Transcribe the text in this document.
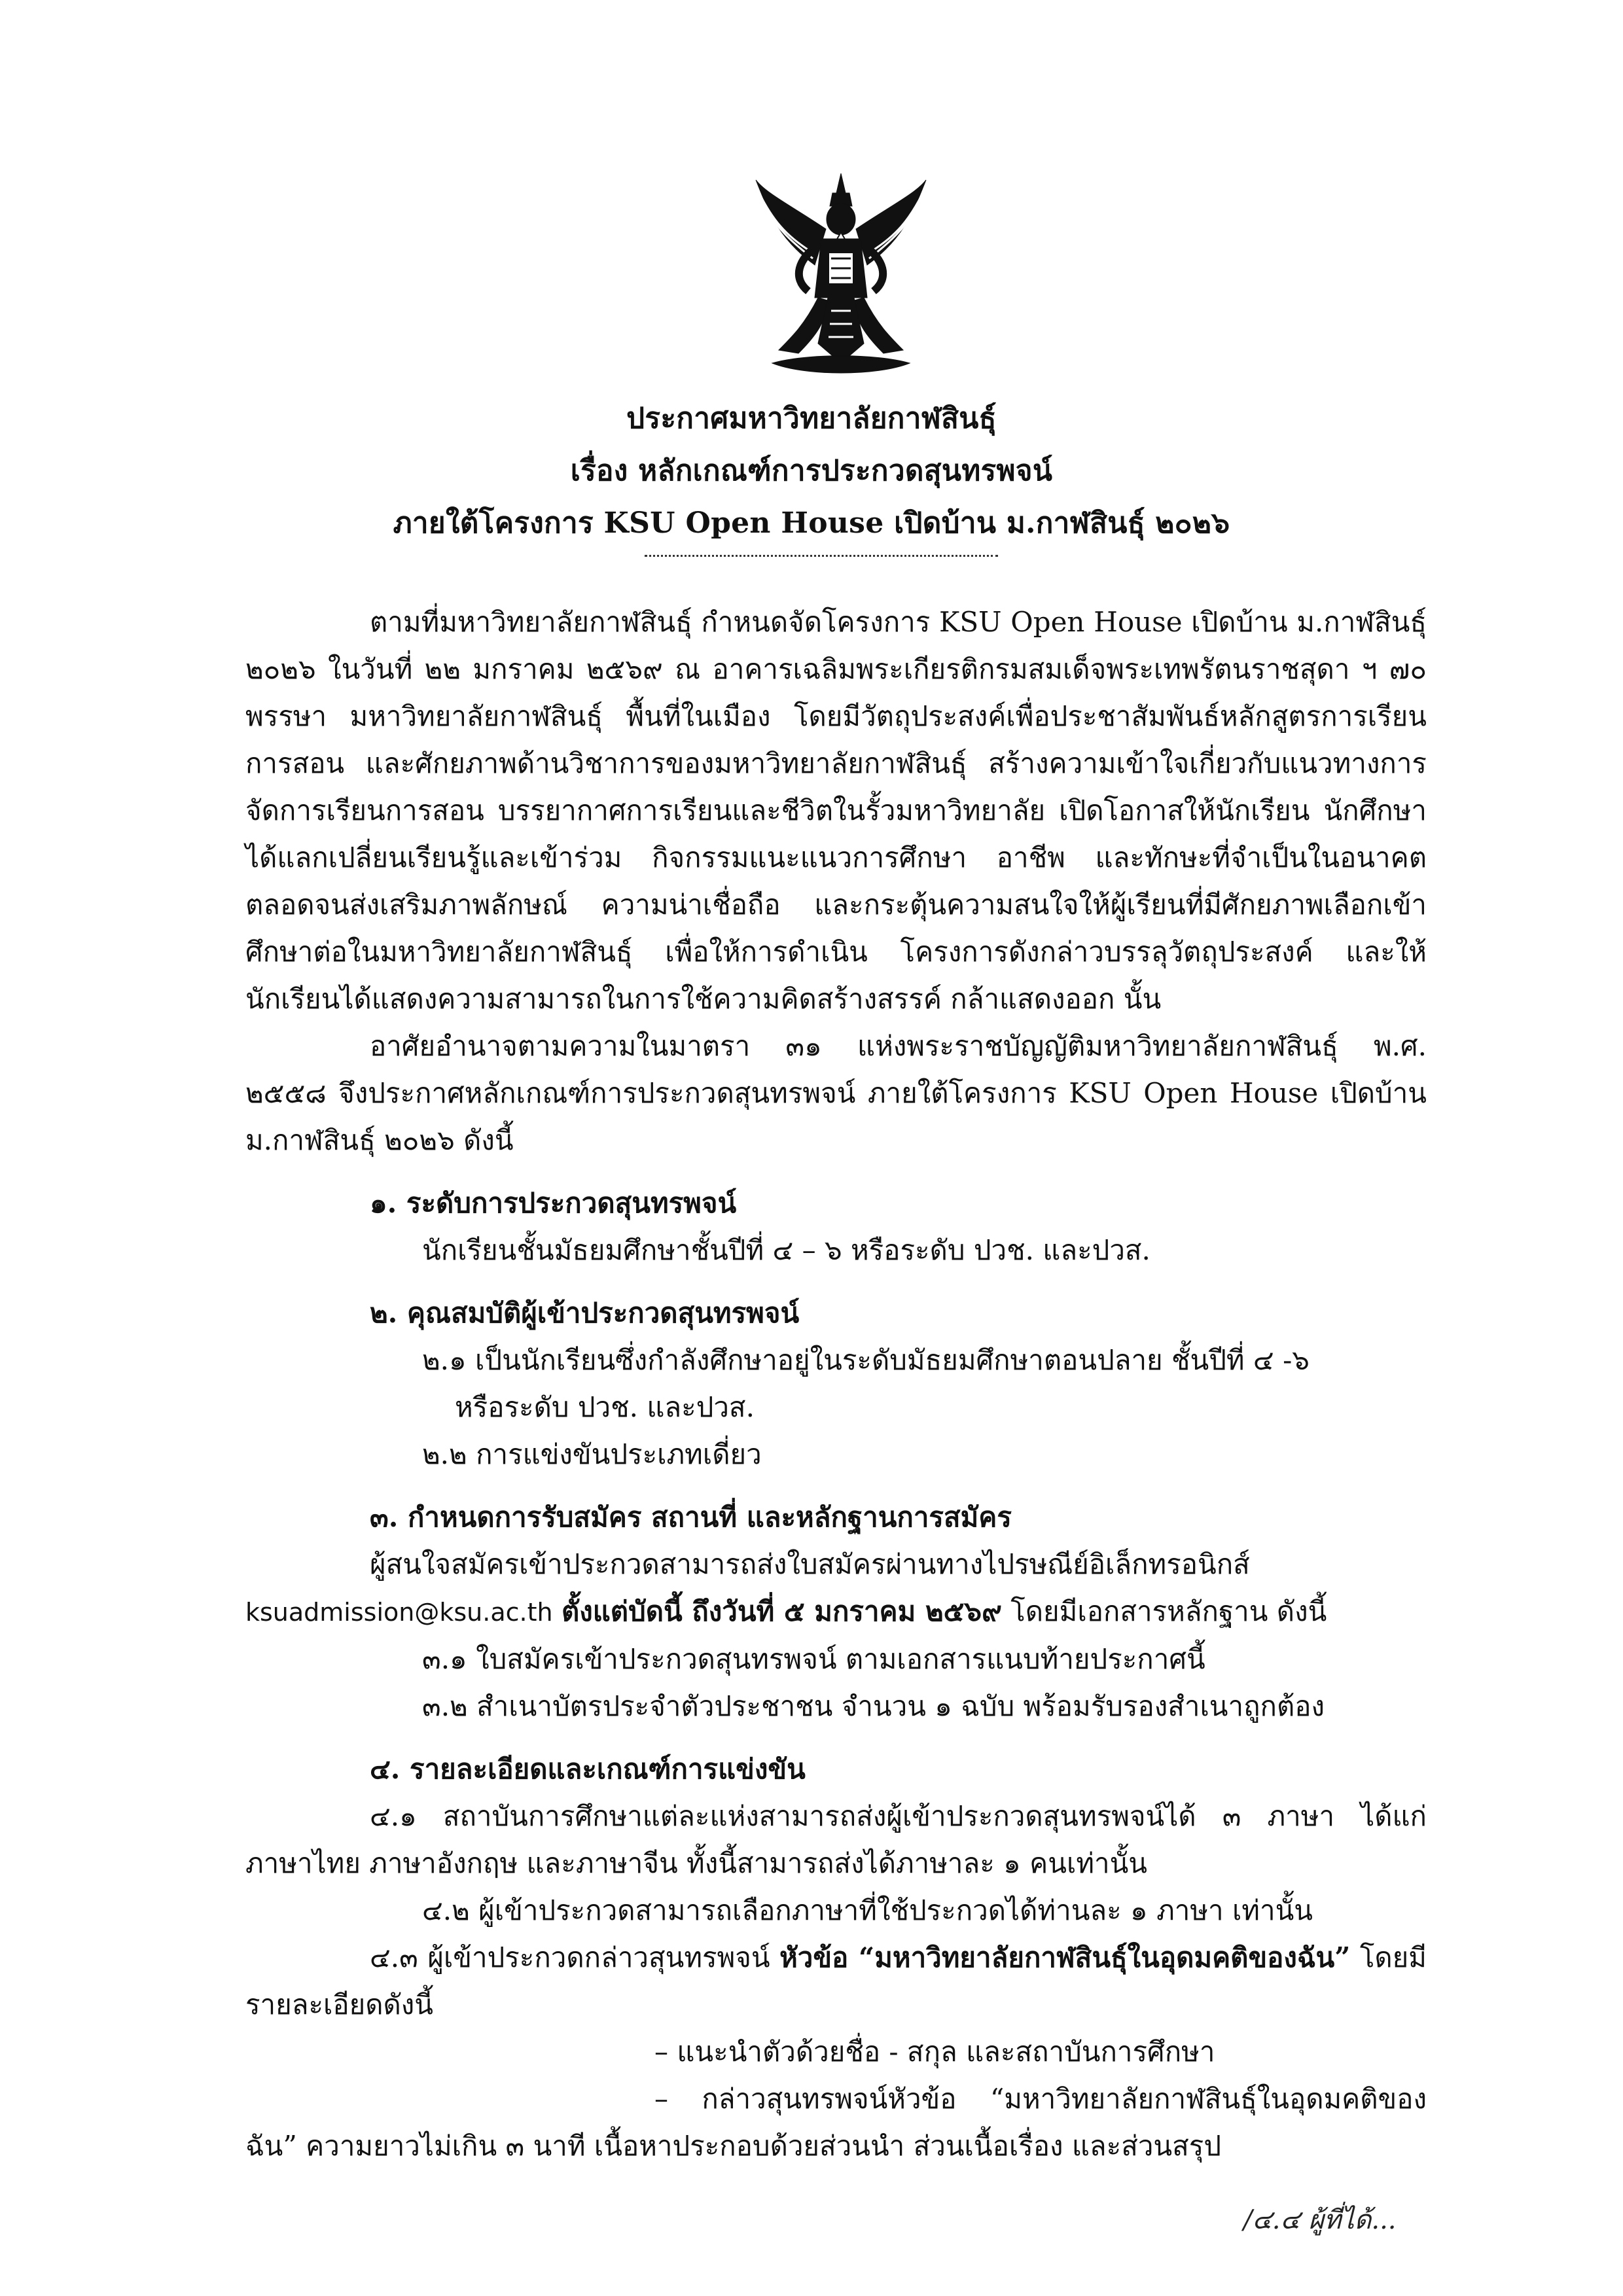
ประกาศมหาวิทยาลัยกาฬสินธุ์
เรื่อง หลักเกณฑ์การประกวดสุนทรพจน์
ภายใต้โครงการ KSU Open House เปิดบ้าน ม.กาฬสินธุ์ ๒๐๒๖

ตามที่มหาวิทยาลัยกาฬสินธุ์ กำหนดจัดโครงการ KSU Open House เปิดบ้าน ม.กาฬสินธุ์ ๒๐๒๖ ในวันที่ ๒๒ มกราคม ๒๕๖๙ ณ อาคารเฉลิมพระเกียรติกรมสมเด็จพระเทพรัตนราชสุดา ฯ ๗๐ พรรษา มหาวิทยาลัยกาฬสินธุ์ พื้นที่ในเมือง โดยมีวัตถุประสงค์เพื่อประชาสัมพันธ์หลักสูตรการเรียนการสอน และศักยภาพด้านวิชาการของมหาวิทยาลัยกาฬสินธุ์ สร้างความเข้าใจเกี่ยวกับแนวทางการจัดการเรียนการสอน บรรยากาศการเรียนและชีวิตในรั้วมหาวิทยาลัย เปิดโอกาสให้นักเรียน นักศึกษาได้แลกเปลี่ยนเรียนรู้และเข้าร่วม กิจกรรมแนะแนวการศึกษา อาชีพ และทักษะที่จำเป็นในอนาคต ตลอดจนส่งเสริมภาพลักษณ์ ความน่าเชื่อถือ และกระตุ้นความสนใจให้ผู้เรียนที่มีศักยภาพเลือกเข้าศึกษาต่อในมหาวิทยาลัยกาฬสินธุ์ เพื่อให้การดำเนิน โครงการดังกล่าวบรรลุวัตถุประสงค์ และให้นักเรียนได้แสดงความสามารถในการใช้ความคิดสร้างสรรค์ กล้าแสดงออก นั้น

อาศัยอำนาจตามความในมาตรา ๓๑ แห่งพระราชบัญญัติมหาวิทยาลัยกาฬสินธุ์ พ.ศ. ๒๕๕๘ จึงประกาศหลักเกณฑ์การประกวดสุนทรพจน์ ภายใต้โครงการ KSU Open House เปิดบ้าน ม.กาฬสินธุ์ ๒๐๒๖ ดังนี้

๑. ระดับการประกวดสุนทรพจน์

นักเรียนชั้นมัธยมศึกษาชั้นปีที่ ๔ – ๖ หรือระดับ ปวช. และปวส.

๒. คุณสมบัติผู้เข้าประกวดสุนทรพจน์

๒.๑ เป็นนักเรียนซึ่งกำลังศึกษาอยู่ในระดับมัธยมศึกษาตอนปลาย ชั้นปีที่ ๔ -๖

หรือระดับ ปวช. และปวส.

๒.๒ การแข่งขันประเภทเดี่ยว

๓. กำหนดการรับสมัคร สถานที่ และหลักฐานการสมัคร

ผู้สนใจสมัครเข้าประกวดสามารถส่งใบสมัครผ่านทางไปรษณีย์อิเล็กทรอนิกส์ ksuadmission@ksu.ac.th ตั้งแต่บัดนี้ ถึงวันที่ ๕ มกราคม ๒๕๖๙ โดยมีเอกสารหลักฐาน ดังนี้

๓.๑ ใบสมัครเข้าประกวดสุนทรพจน์ ตามเอกสารแนบท้ายประกาศนี้

๓.๒ สำเนาบัตรประจำตัวประชาชน จำนวน ๑ ฉบับ พร้อมรับรองสำเนาถูกต้อง

๔. รายละเอียดและเกณฑ์การแข่งขัน

๔.๑ สถาบันการศึกษาแต่ละแห่งสามารถส่งผู้เข้าประกวดสุนทรพจน์ได้ ๓ ภาษา ได้แก่ ภาษาไทย ภาษาอังกฤษ และภาษาจีน ทั้งนี้สามารถส่งได้ภาษาละ ๑ คนเท่านั้น

๔.๒ ผู้เข้าประกวดสามารถเลือกภาษาที่ใช้ประกวดได้ท่านละ ๑ ภาษา เท่านั้น

๔.๓ ผู้เข้าประกวดกล่าวสุนทรพจน์ หัวข้อ “มหาวิทยาลัยกาฬสินธุ์ในอุดมคติของฉัน” โดยมี รายละเอียดดังนี้

– แนะนำตัวด้วยชื่อ - สกุล และสถาบันการศึกษา

– กล่าวสุนทรพจน์หัวข้อ “มหาวิทยาลัยกาฬสินธุ์ในอุดมคติของฉัน” ความยาวไม่เกิน ๓ นาที เนื้อหาประกอบด้วยส่วนนำ ส่วนเนื้อเรื่อง และส่วนสรุป

/๔.๔ ผู้ที่ได้...
